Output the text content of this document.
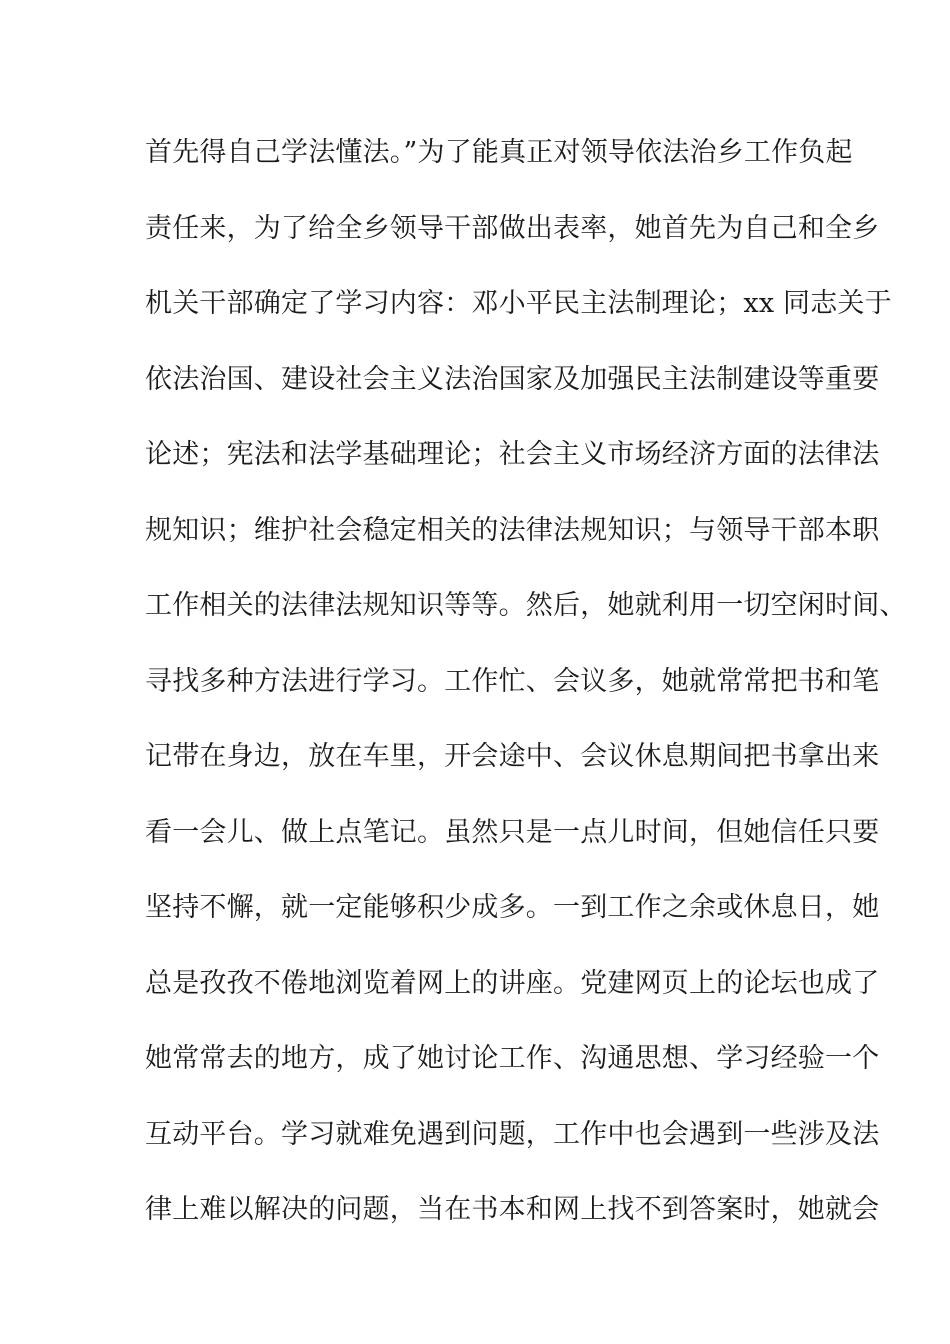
首先得自己学法懂法。”为了能真正对领导依法治乡工作负起
责任来，为了给全乡领导干部做出表率，她首先为自己和全乡
机关干部确定了学习内容：邓小平民主法制理论；xx 同志关于
依法治国、建设社会主义法治国家及加强民主法制建设等重要
论述；宪法和法学基础理论；社会主义市场经济方面的法律法
规知识；维护社会稳定相关的法律法规知识；与领导干部本职
工作相关的法律法规知识等等。然后，她就利用一切空闲时间、
寻找多种方法进行学习。工作忙、会议多，她就常常把书和笔
记带在身边，放在车里，开会途中、会议休息期间把书拿出来
看一会儿、做上点笔记。虽然只是一点儿时间，但她信任只要
坚持不懈，就一定能够积少成多。一到工作之余或休息日，她
总是孜孜不倦地浏览着网上的讲座。党建网页上的论坛也成了
她常常去的地方，成了她讨论工作、沟通思想、学习经验一个
互动平台。学习就难免遇到问题，工作中也会遇到一些涉及法
律上难以解决的问题，当在书本和网上找不到答案时，她就会
